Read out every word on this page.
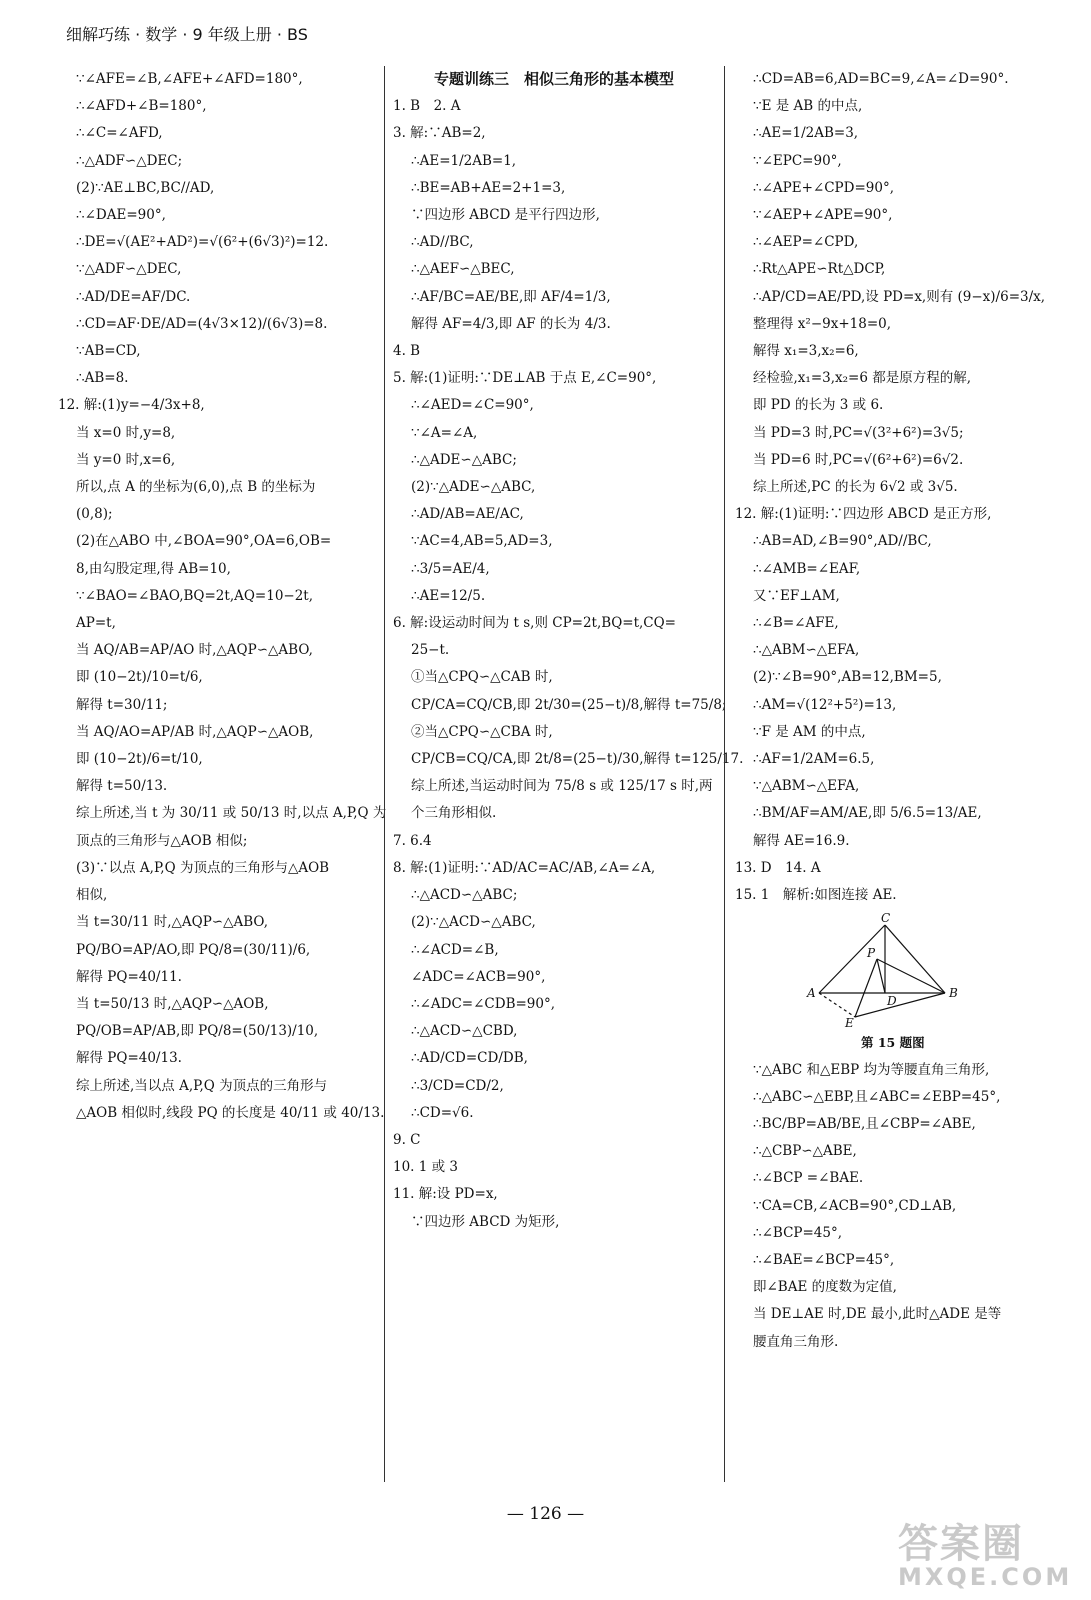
细解巧练 · 数学 · 9 年级上册 · BS
∵∠AFE=∠B,∠AFE+∠AFD=180°,
∴∠AFD+∠B=180°,
∴∠C=∠AFD,
∴△ADF∽△DEC;
(2)∵AE⊥BC,BC//AD,
∴∠DAE=90°,
∴DE=√(AE²+AD²)=√(6²+(6√3)²)=12.
∵△ADF∽△DEC,
∴AD/DE=AF/DC.
∴CD=AF·DE/AD=(4√3×12)/(6√3)=8.
∵AB=CD,
∴AB=8.
12. 解:(1)y=−4/3x+8,
当 x=0 时,y=8,
当 y=0 时,x=6,
所以,点 A 的坐标为(6,0),点 B 的坐标为
(0,8);
(2)在△ABO 中,∠BOA=90°,OA=6,OB=
8,由勾股定理,得 AB=10,
∵∠BAO=∠BAO,BQ=2t,AQ=10−2t,
AP=t,
当 AQ/AB=AP/AO 时,△AQP∽△ABO,
即 (10−2t)/10=t/6,
解得 t=30/11;
当 AQ/AO=AP/AB 时,△AQP∽△AOB,
即 (10−2t)/6=t/10,
解得 t=50/13.
综上所述,当 t 为 30/11 或 50/13 时,以点 A,P,Q 为
顶点的三角形与△AOB 相似;
(3)∵以点 A,P,Q 为顶点的三角形与△AOB
相似,
当 t=30/11 时,△AQP∽△ABO,
PQ/BO=AP/AO,即 PQ/8=(30/11)/6,
解得 PQ=40/11.
当 t=50/13 时,△AQP∽△AOB,
PQ/OB=AP/AB,即 PQ/8=(50/13)/10,
解得 PQ=40/13.
综上所述,当以点 A,P,Q 为顶点的三角形与
△AOB 相似时,线段 PQ 的长度是 40/11 或 40/13.
专题训练三　相似三角形的基本模型
1. B　2. A
3. 解:∵AB=2,
∴AE=1/2AB=1,
∴BE=AB+AE=2+1=3,
∵四边形 ABCD 是平行四边形,
∴AD//BC,
∴△AEF∽△BEC,
∴AF/BC=AE/BE,即 AF/4=1/3,
解得 AF=4/3,即 AF 的长为 4/3.
4. B
5. 解:(1)证明:∵DE⊥AB 于点 E,∠C=90°,
∴∠AED=∠C=90°,
∵∠A=∠A,
∴△ADE∽△ABC;
(2)∵△ADE∽△ABC,
∴AD/AB=AE/AC,
∵AC=4,AB=5,AD=3,
∴3/5=AE/4,
∴AE=12/5.
6. 解:设运动时间为 t s,则 CP=2t,BQ=t,CQ=
25−t.
①当△CPQ∽△CAB 时,
CP/CA=CQ/CB,即 2t/30=(25−t)/8,解得 t=75/8;
②当△CPQ∽△CBA 时,
CP/CB=CQ/CA,即 2t/8=(25−t)/30,解得 t=125/17.
综上所述,当运动时间为 75/8 s 或 125/17 s 时,两
个三角形相似.
7. 6.4
8. 解:(1)证明:∵AD/AC=AC/AB,∠A=∠A,
∴△ACD∽△ABC;
(2)∵△ACD∽△ABC,
∴∠ACD=∠B,
∠ADC=∠ACB=90°,
∴∠ADC=∠CDB=90°,
∴△ACD∽△CBD,
∴AD/CD=CD/DB,
∴3/CD=CD/2,
∴CD=√6.
9. C
10. 1 或 3
11. 解:设 PD=x,
∵四边形 ABCD 为矩形,
∴CD=AB=6,AD=BC=9,∠A=∠D=90°.
∵E 是 AB 的中点,
∴AE=1/2AB=3,
∵∠EPC=90°,
∴∠APE+∠CPD=90°,
∵∠AEP+∠APE=90°,
∴∠AEP=∠CPD,
∴Rt△APE∽Rt△DCP,
∴AP/CD=AE/PD,设 PD=x,则有 (9−x)/6=3/x,
整理得 x²−9x+18=0,
解得 x₁=3,x₂=6,
经检验,x₁=3,x₂=6 都是原方程的解,
即 PD 的长为 3 或 6.
当 PD=3 时,PC=√(3²+6²)=3√5;
当 PD=6 时,PC=√(6²+6²)=6√2.
综上所述,PC 的长为 6√2 或 3√5.
12. 解:(1)证明:∵四边形 ABCD 是正方形,
∴AB=AD,∠B=90°,AD//BC,
∴∠AMB=∠EAF,
又∵EF⊥AM,
∴∠B=∠AFE,
∴△ABM∽△EFA,
(2)∵∠B=90°,AB=12,BM=5,
∴AM=√(12²+5²)=13,
∵F 是 AM 的中点,
∴AF=1/2AM=6.5,
∵△ABM∽△EFA,
∴BM/AF=AM/AE,即 5/6.5=13/AE,
解得 AE=16.9.
13. D　14. A
15. 1　解析:如图连接 AE.
C
P
A
D
B
E
第 15 题图
∵△ABC 和△EBP 均为等腰直角三角形,
∴△ABC∽△EBP,且∠ABC=∠EBP=45°,
∴BC/BP=AB/BE,且∠CBP=∠ABE,
∴△CBP∽△ABE,
∴∠BCP =∠BAE.
∵CA=CB,∠ACB=90°,CD⊥AB,
∴∠BCP=45°,
∴∠BAE=∠BCP=45°,
即∠BAE 的度数为定值,
当 DE⊥AE 时,DE 最小,此时△ADE 是等
腰直角三角形.
— 126 —
答案圈
MXQE.COM
